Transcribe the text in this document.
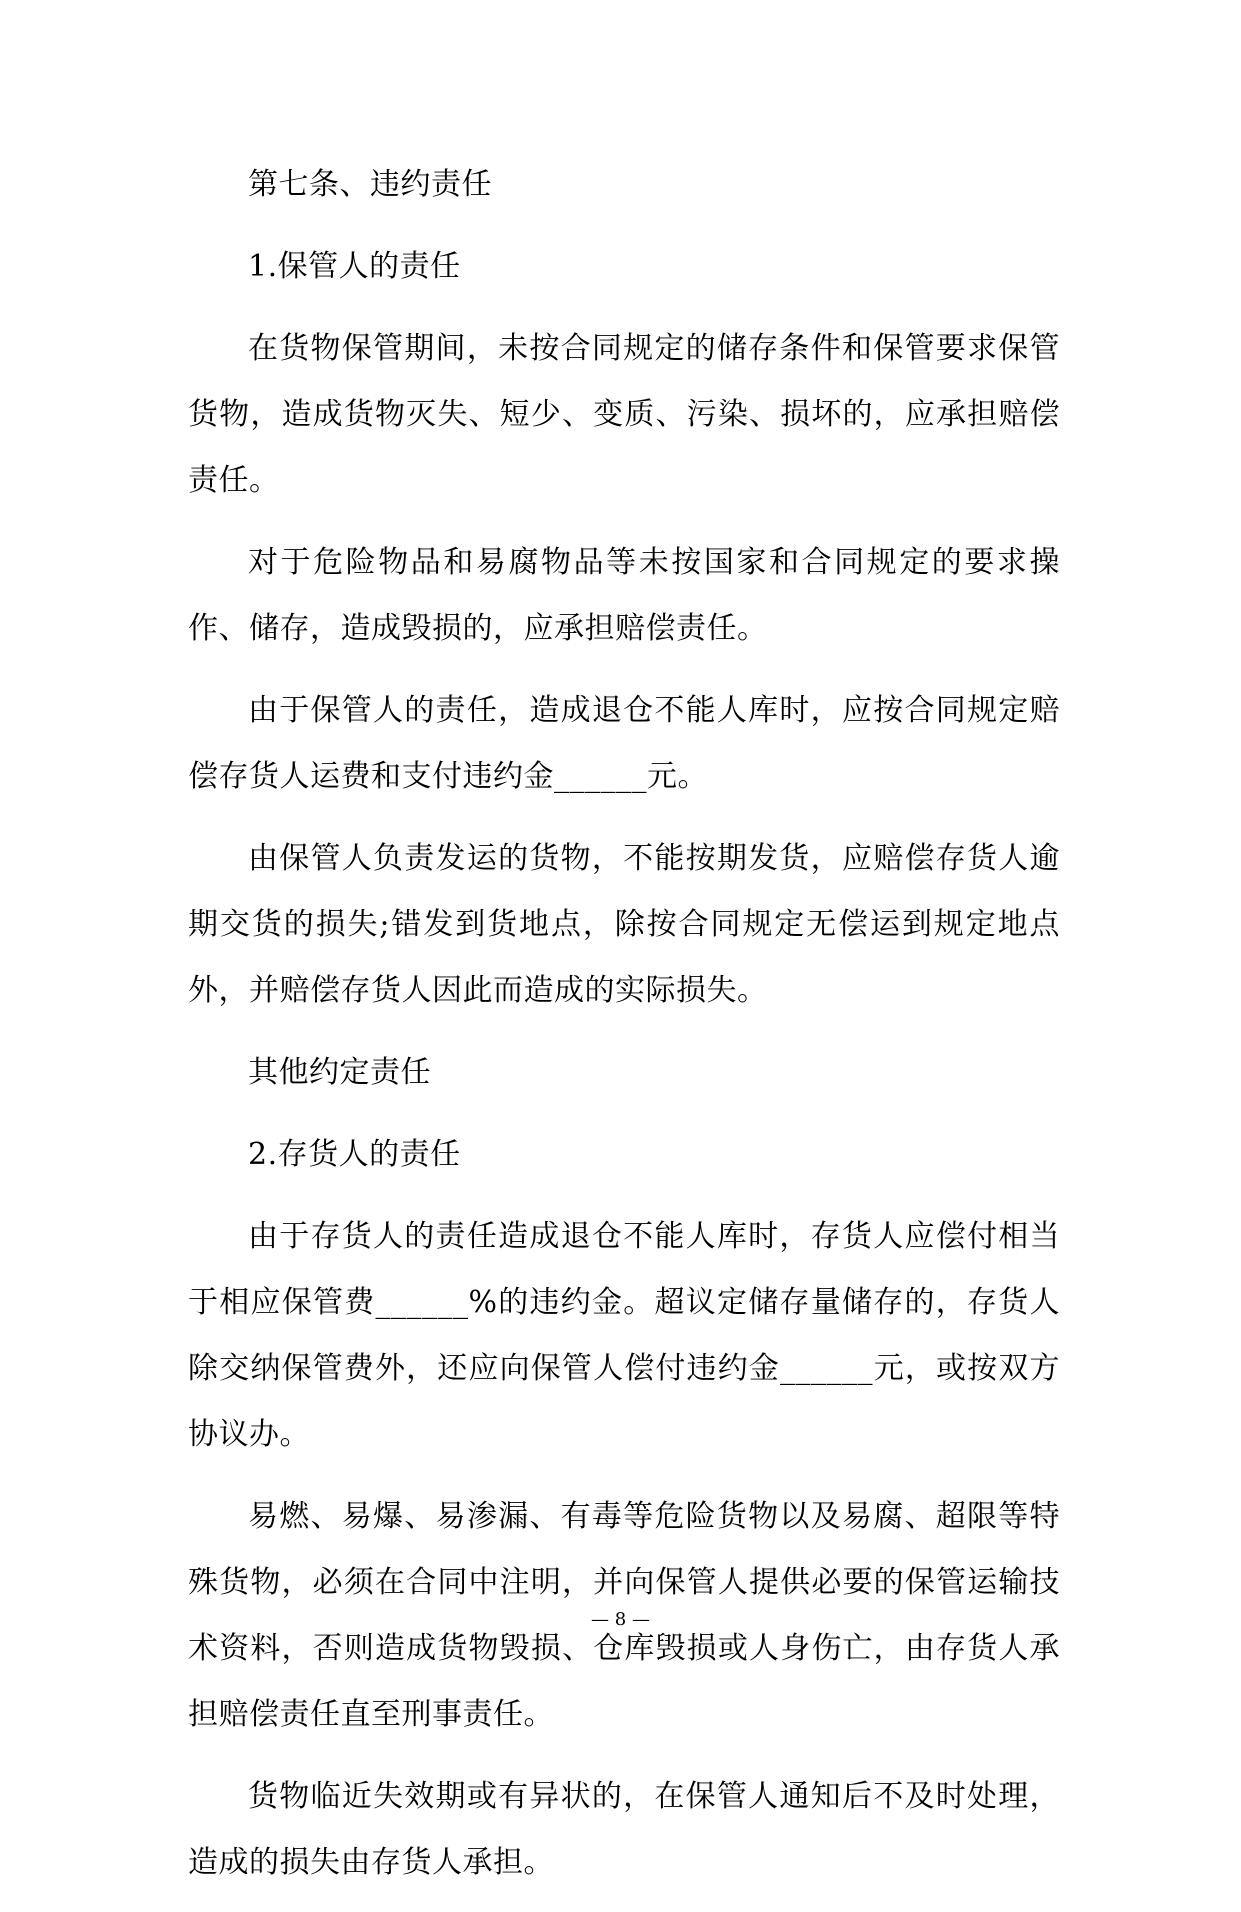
第七条、违约责任

1.保管人的责任

在货物保管期间，未按合同规定的储存条件和保管要求保管货物，造成货物灭失、短少、变质、污染、损坏的，应承担赔偿责任。

对于危险物品和易腐物品等未按国家和合同规定的要求操作、储存，造成毁损的，应承担赔偿责任。

由于保管人的责任，造成退仓不能人库时，应按合同规定赔偿存货人运费和支付违约金______元。

由保管人负责发运的货物，不能按期发货，应赔偿存货人逾期交货的损失;错发到货地点，除按合同规定无偿运到规定地点外，并赔偿存货人因此而造成的实际损失。

其他约定责任

2.存货人的责任

由于存货人的责任造成退仓不能人库时，存货人应偿付相当于相应保管费______%的违约金。超议定储存量储存的，存货人除交纳保管费外，还应向保管人偿付违约金______元，或按双方协议办。

易燃、易爆、易渗漏、有毒等危险货物以及易腐、超限等特殊货物，必须在合同中注明，并向保管人提供必要的保管运输技术资料，否则造成货物毁损、仓库毁损或人身伤亡，由存货人承担赔偿责任直至刑事责任。

货物临近失效期或有异状的，在保管人通知后不及时处理，造成的损失由存货人承担。

— 8 —
